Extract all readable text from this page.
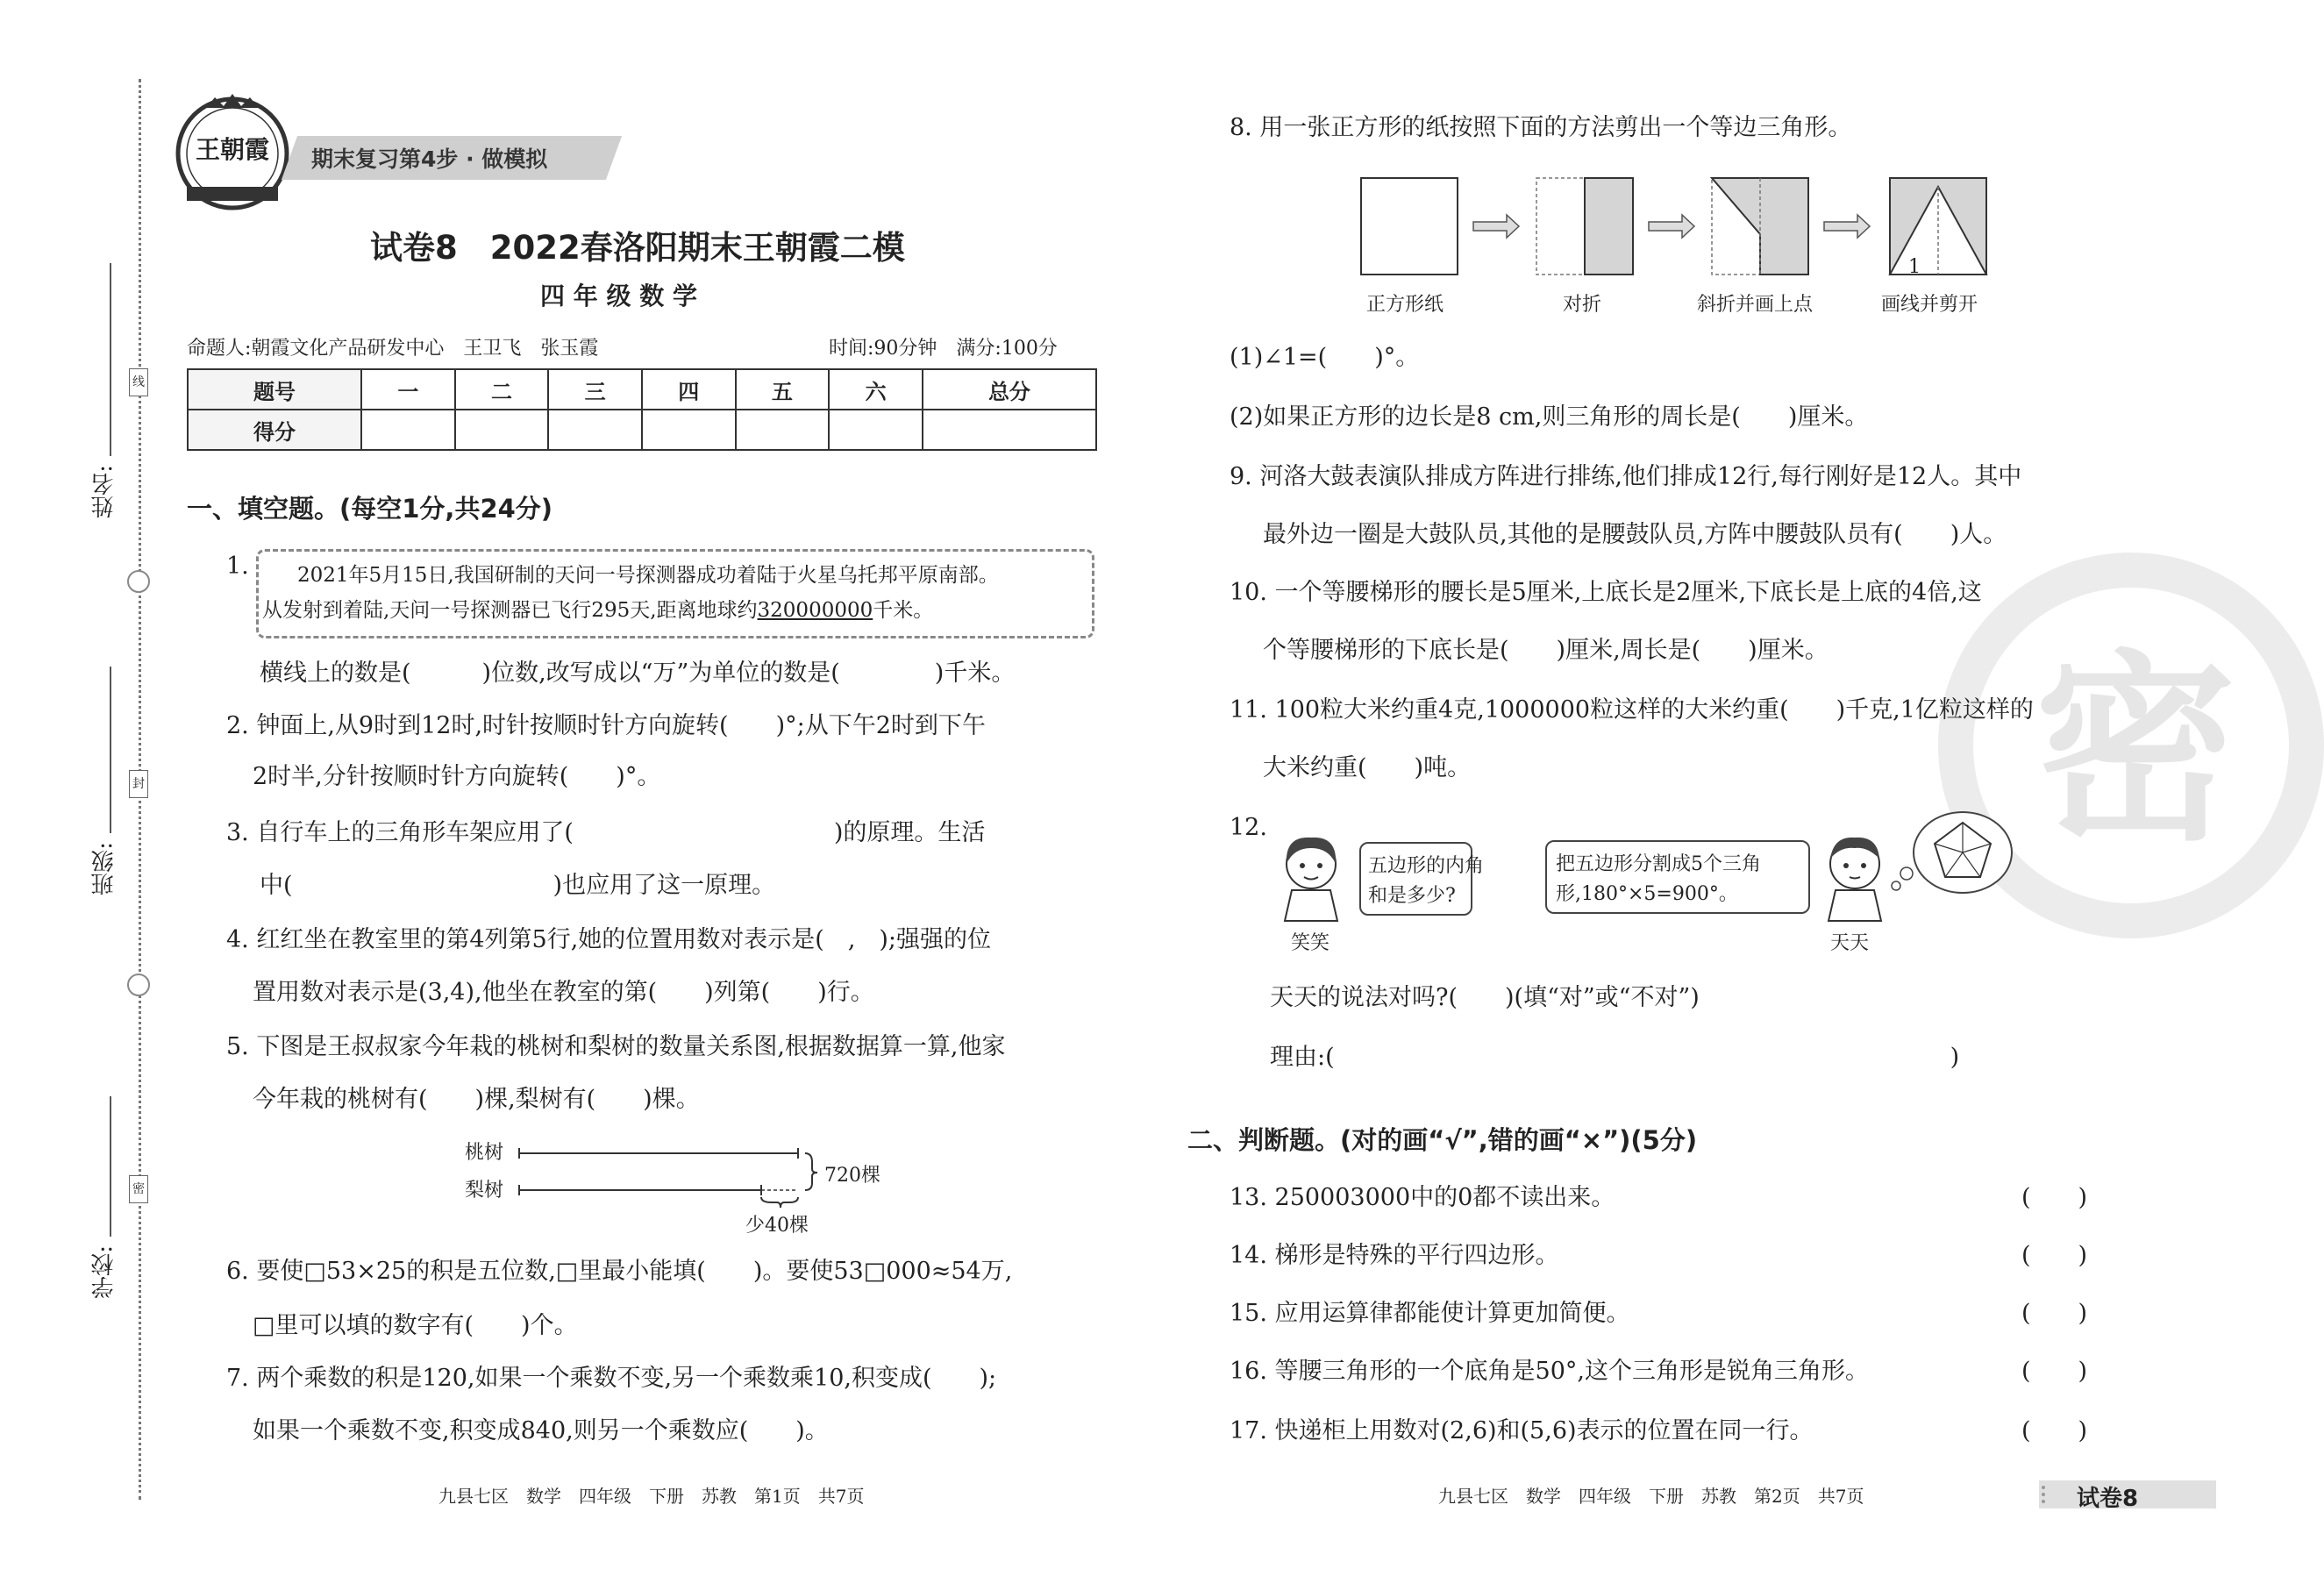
学校:
班级:
姓名:
线
封
密
王朝霞 期末复习第4步 · 做模拟
试卷8　2022春洛阳期末王朝霞二模
四 年 级 数 学
命题人:朝霞文化产品研发中心　王卫飞　张玉霞	时间:90分钟　满分:100分
题号	一	二	三	四	五	六	总分
得分							
一、填空题。(每空1分,共24分)
1. 2021年5月15日,我国研制的天问一号探测器成功着陆于火星乌托邦平原南部。
从发射到着陆,天问一号探测器已飞行295天,距离地球约320000000千米。
横线上的数是(　　　)位数,改写成以“万”为单位的数是(　　　　)千米。
2. 钟面上,从9时到12时,时针按顺时针方向旋转(　　)°;从下午2时到下午
2时半,分针按顺时针方向旋转(　　)°。
3. 自行车上的三角形车架应用了(　　　　　　　　　　　)的原理。生活
中(　　　　　　　　　　　)也应用了这一原理。
4. 红红坐在教室里的第4列第5行,她的位置用数对表示是(　,　);强强的位
置用数对表示是(3,4),他坐在教室的第(　　)列第(　　)行。
5. 下图是王叔叔家今年栽的桃树和梨树的数量关系图,根据数据算一算,他家
今年栽的桃树有(　　)棵,梨树有(　　)棵。
桃树
梨树
720棵
少40棵
6. 要使□53×25的积是五位数,□里最小能填(　　)。要使53□000≈54万,
□里可以填的数字有(　　)个。
7. 两个乘数的积是120,如果一个乘数不变,另一个乘数乘10,积变成(　　);
如果一个乘数不变,积变成840,则另一个乘数应(　　)。
九县七区　数学　四年级　下册　苏教　第1页　共7页
密
8. 用一张正方形的纸按照下面的方法剪出一个等边三角形。
1
正方形纸	对折	斜折并画上点	画线并剪开
(1)∠1=(　　)°。
(2)如果正方形的边长是8 cm,则三角形的周长是(　　)厘米。
9. 河洛大鼓表演队排成方阵进行排练,他们排成12行,每行刚好是12人。其中
最外边一圈是大鼓队员,其他的是腰鼓队员,方阵中腰鼓队员有(　　)人。
10. 一个等腰梯形的腰长是5厘米,上底长是2厘米,下底长是上底的4倍,这
个等腰梯形的下底长是(　　)厘米,周长是(　　)厘米。
11. 100粒大米约重4克,1000000粒这样的大米约重(　　)千克,1亿粒这样的
大米约重(　　)吨。
12.
五边形的内角
和是多少?
笑笑
把五边形分割成5个三角
形,180°×5=900°。
天天
天天的说法对吗?(　　)(填“对”或“不对”)
理由:(　　　　　　　　　　　　　　　　　　　　　　　　　　)
二、判断题。(对的画“√”,错的画“×”)(5分)
13. 250003000中的0都不读出来。	(　　)
14. 梯形是特殊的平行四边形。	(　　)
15. 应用运算律都能使计算更加简便。	(　　)
16. 等腰三角形的一个底角是50°,这个三角形是锐角三角形。	(　　)
17. 快递柜上用数对(2,6)和(5,6)表示的位置在同一行。	(　　)
九县七区　数学　四年级　下册　苏教　第2页　共7页	试卷8
